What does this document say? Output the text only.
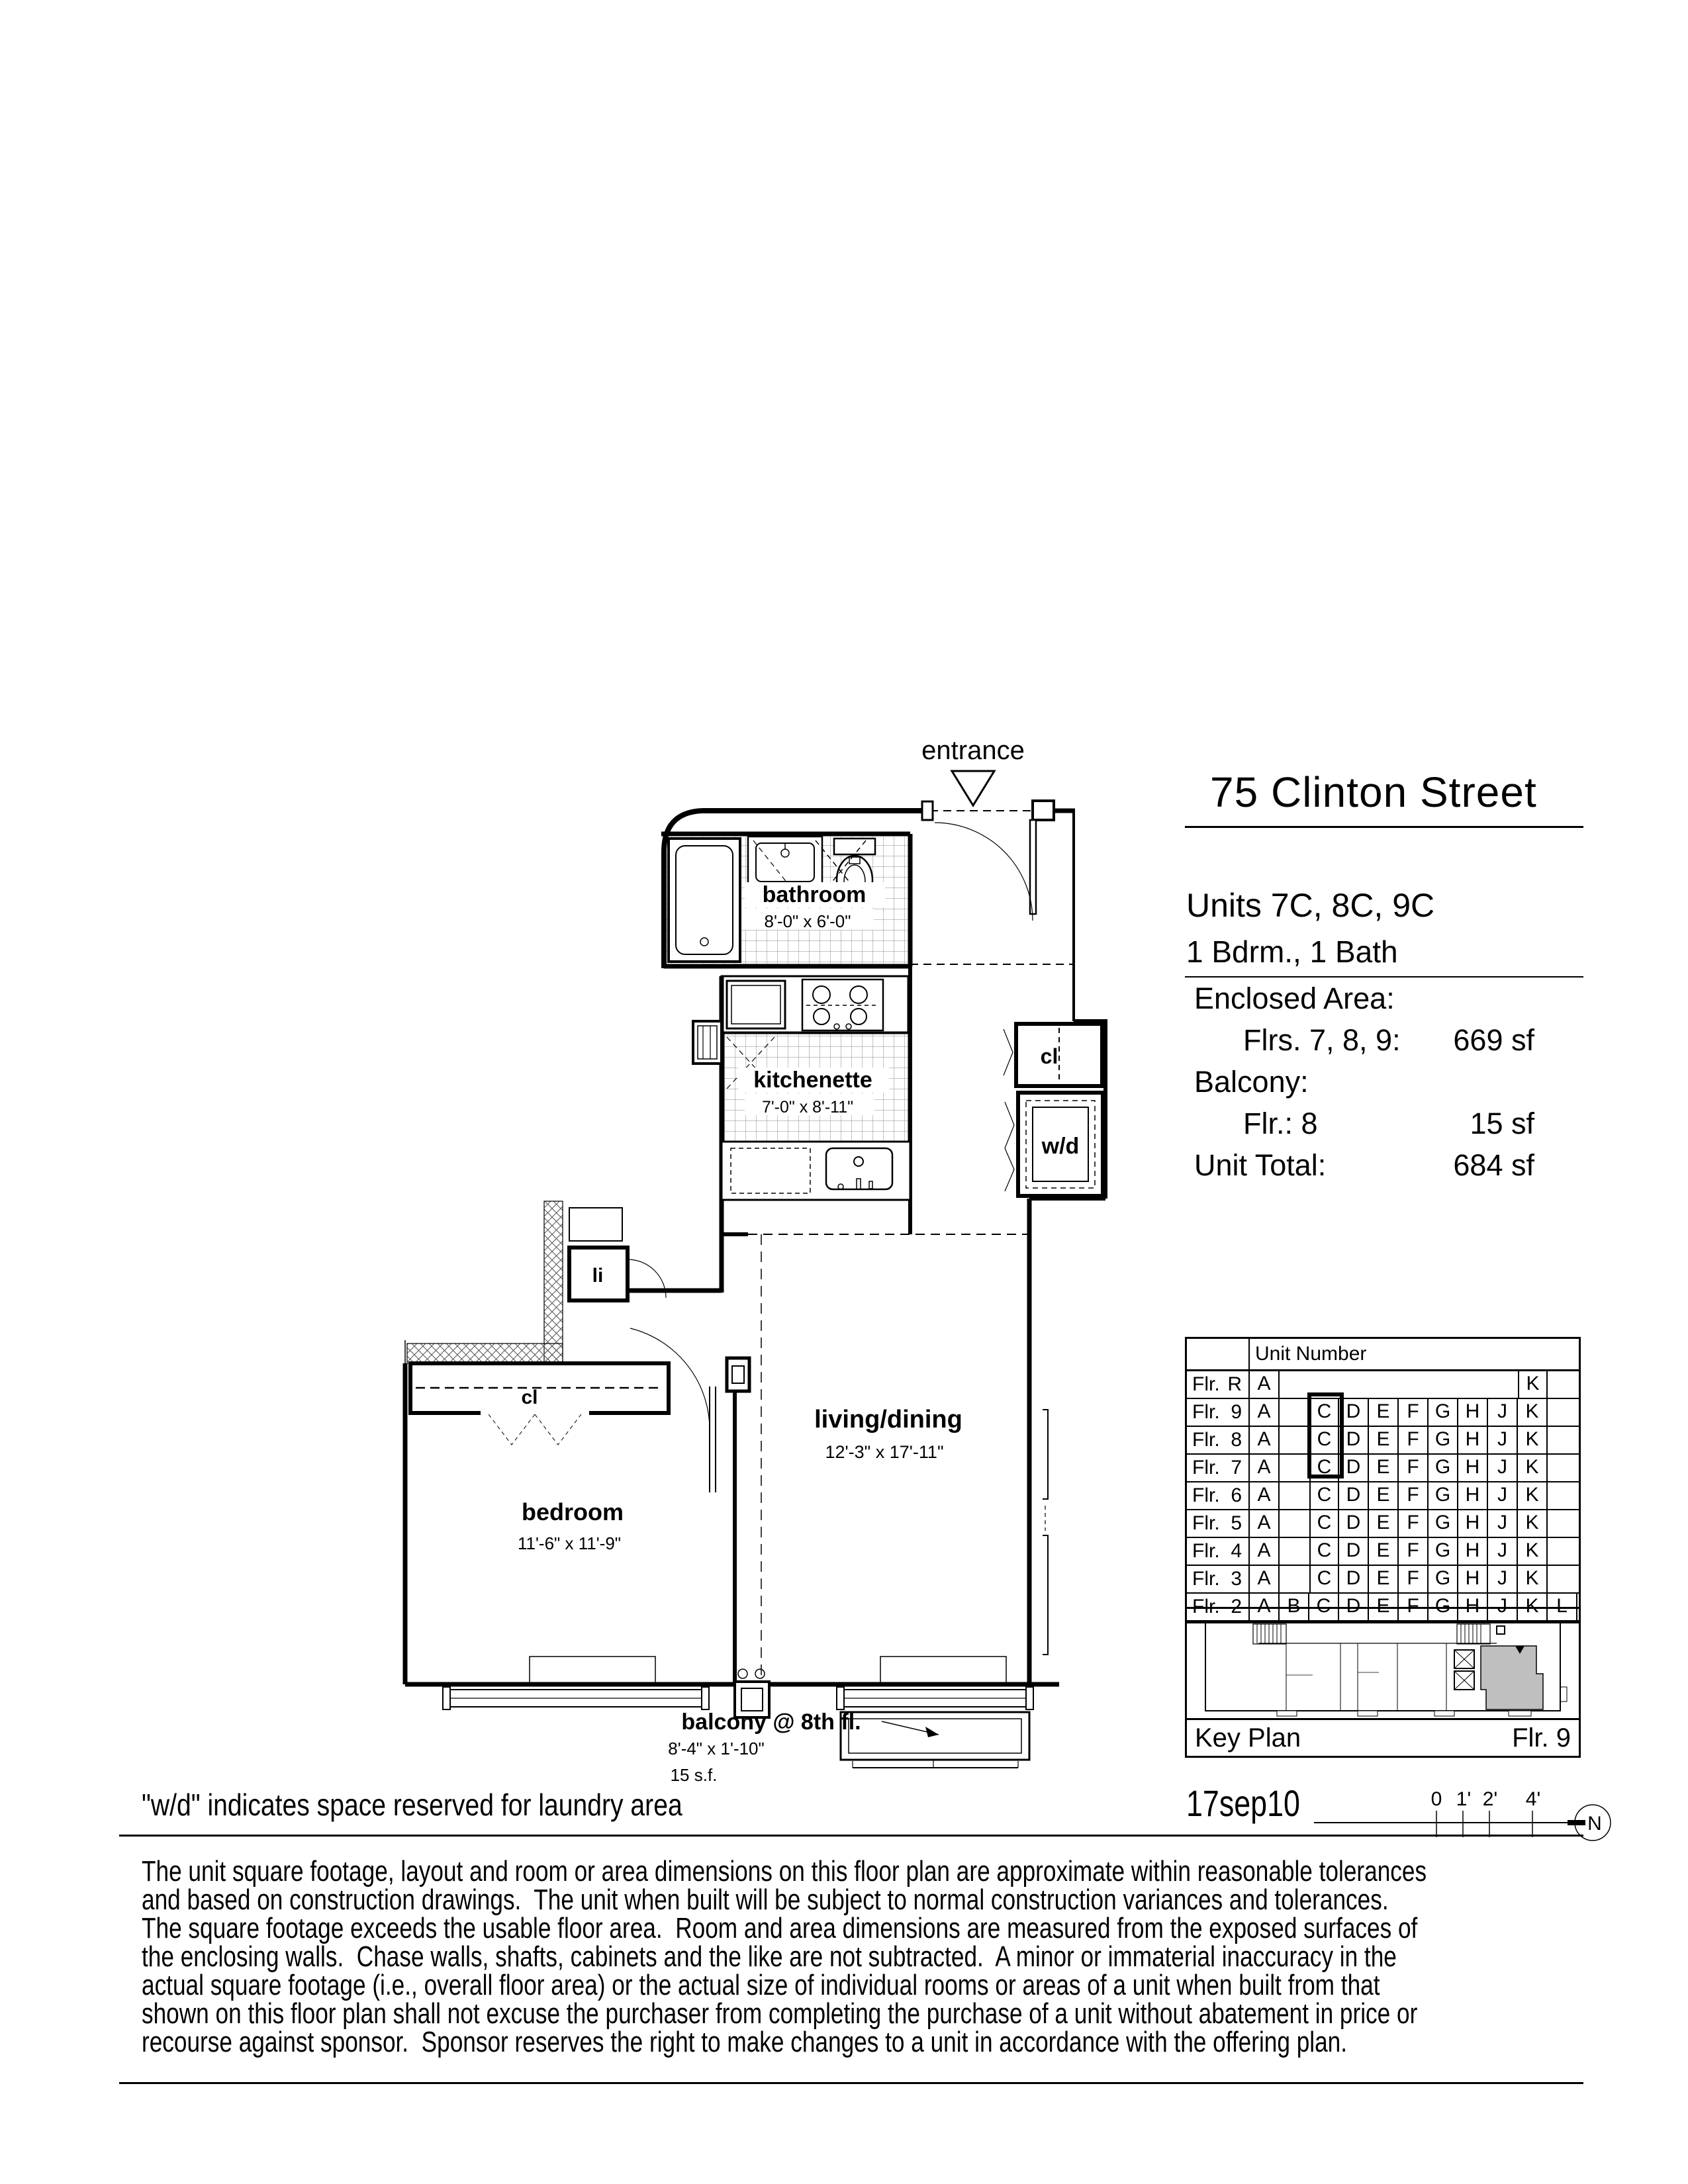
entrance
bathroom
8'-0" x 6'-0"
cl
w/d
kitchenette
7'-0" x 8'-11"
li
cl
living/dining
12'-3" x 17'-11"
bedroom
11'-6" x 11'-9"
balcony @ 8th fl.
8'-4" x 1'-10"
15 s.f.
75 Clinton Street
Units 7C, 8C, 9C
1 Bdrm., 1 Bath
Enclosed Area:
Flrs. 7, 8, 9: 669 sf
Balcony:
Flr.: 8	15 sf
Unit Total:	684 sf
Unit Number
Flr. R A	K
Flr. 9 A	C D E F G H J K
Flr. 8 A	C D E F G H J K
Flr. 7 A	C D E F G H J K
Flr. 6 A	C D E F G H J K
Flr. 5 A	C D E F G H J K
Flr. 4 A	C D E F G H J K
Flr. 3 A	C D E F G H J K
Flr. 2 A B C D E F G H J K L
Key Plan	Flr. 9
17sep10	0 1' 2' 4'
N
"w/d" indicates space reserved for laundry area
The unit square footage, layout and room or area dimensions on this floor plan are approximate within reasonable tolerances
and based on construction drawings.  The unit when built will be subject to normal construction variances and tolerances.
The square footage exceeds the usable floor area.  Room and area dimensions are measured from the exposed surfaces of
the enclosing walls.  Chase walls, shafts, cabinets and the like are not subtracted.  A minor or immaterial inaccuracy in the
actual square footage (i.e., overall floor area) or the actual size of individual rooms or areas of a unit when built from that
shown on this floor plan shall not excuse the purchaser from completing the purchase of a unit without abatement in price or
recourse against sponsor.  Sponsor reserves the right to make changes to a unit in accordance with the offering plan.
